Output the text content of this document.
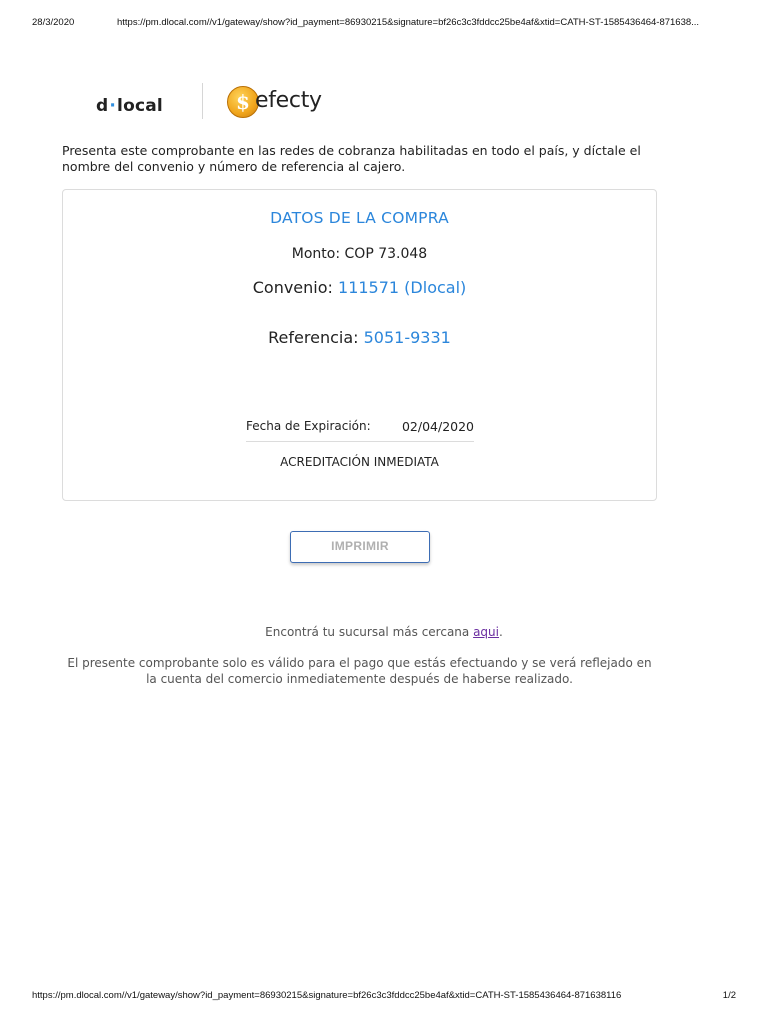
28/3/2020	https://pm.dlocal.com//v1/gateway/show?id_payment=86930215&signature=bf26c3c3fddcc25be4af&xtid=CATH-ST-1585436464-871638...
d·local	$ efecty
Presenta este comprobante en las redes de cobranza habilitadas en todo el país, y díctale el nombre del convenio y número de referencia al cajero.
DATOS DE LA COMPRA
Monto: COP 73.048
Convenio: 111571 (Dlocal)
Referencia: 5051-9331
Fecha de Expiración:	02/04/2020
ACREDITACIÓN INMEDIATA
IMPRIMIR
Encontrá tu sucursal más cercana aqui.
El presente comprobante solo es válido para el pago que estás efectuando y se verá reflejado en la cuenta del comercio inmediatemente después de haberse realizado.
https://pm.dlocal.com//v1/gateway/show?id_payment=86930215&signature=bf26c3c3fddcc25be4af&xtid=CATH-ST-1585436464-871638116	1/2
